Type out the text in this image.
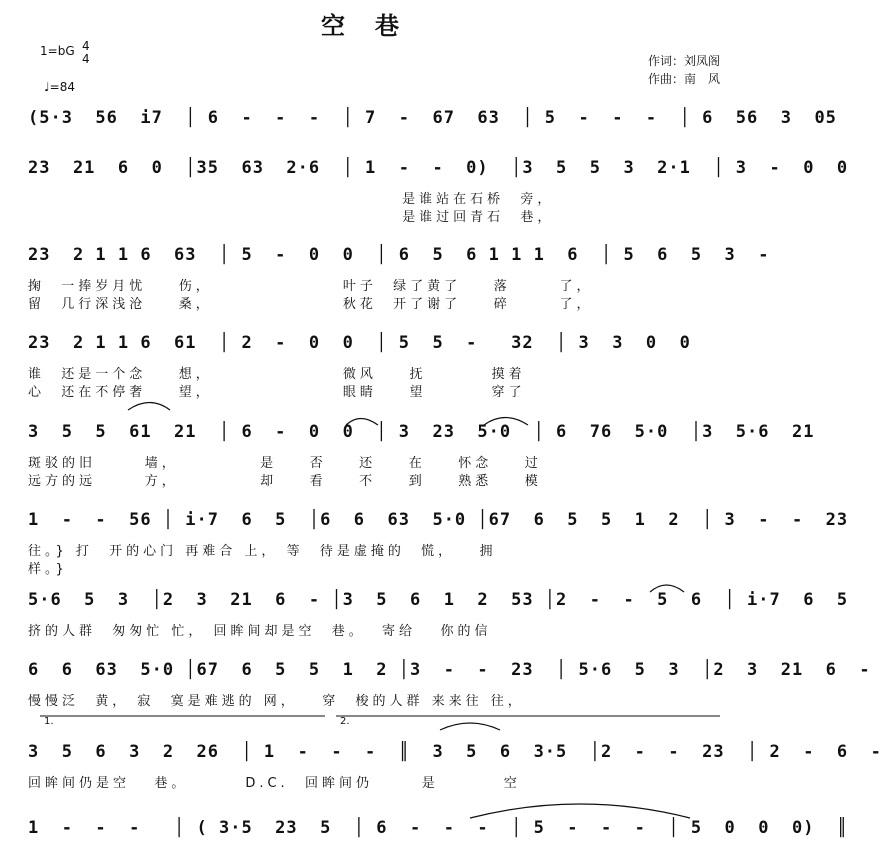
空巷
1=bG 4
4
♩=84
作词：刘凤阁
作曲：南　风
(5·3  56  i7  │ 6  -  -  -  │ 7  -  67  63  │ 5  -  -  -  │ 6  56  3  05
23  21  6  0  │35  63  2·6  │ 1  -  -  0)  │3  5  5  3  2·1  │ 3  -  0  0
是谁站在石桥  旁，
是谁过回青石  巷，
23  2 1 1 6  63  │ 5  -  0  0  │ 6  5  6 1 1 1  6  │ 5  6  5  3  -
掬  一捧岁月忧    伤，                叶子  绿了黄了    落      了，
留  几行深浅沧    桑，                秋花  开了谢了    碎      了，
23  2 1 1 6  61  │ 2  -  0  0  │ 5  5  -   32  │ 3  3  0  0
谁  还是一个念    想，                微风    抚        摸着
心  还在不停奢    望，                眼睛    望        穿了
3  5  5  61  21  │ 6  -  0  0  │ 3  23  5·0  │ 6  76  5·0  │3  5·6  21
斑驳的旧      墙，          是    否    还    在    怀念    过
远方的远      方，          却    看    不    到    熟悉    模
1  -  -  56 │ i·7  6  5  │6  6  63  5·0 │67  6  5  5  1  2  │ 3  -  -  23
往。} 打  开的心门 再难合 上， 等  待是虚掩的  慌，   拥
样。}
5·6  5  3  │2  3  21  6  - │3  5  6  1  2  53 │2  -  -  5  6  │ i·7  6  5
挤的人群  匆匆忙 忙， 回眸间却是空  巷。  寄给   你的信
6  6  63  5·0 │67  6  5  5  1  2 │3  -  -  23  │ 5·6  5  3  │2  3  21  6  -
慢慢泛  黄， 寂  寞是难逃的 网，   穿  梭的人群 来来往 往，
3  5  6  3  2  26  │ 1  -  -  -  ║  3  5  6  3·5  │2  -  -  23  │ 2  -  6  -
回眸间仍是空   巷。       D.C.  回眸间仍      是        空
1  -  -  -   │ ( 3·5  23  5  │ 6  -  -  -  │ 5  -  -  -  │ 5  0  0  0)  ║
1.	2.
